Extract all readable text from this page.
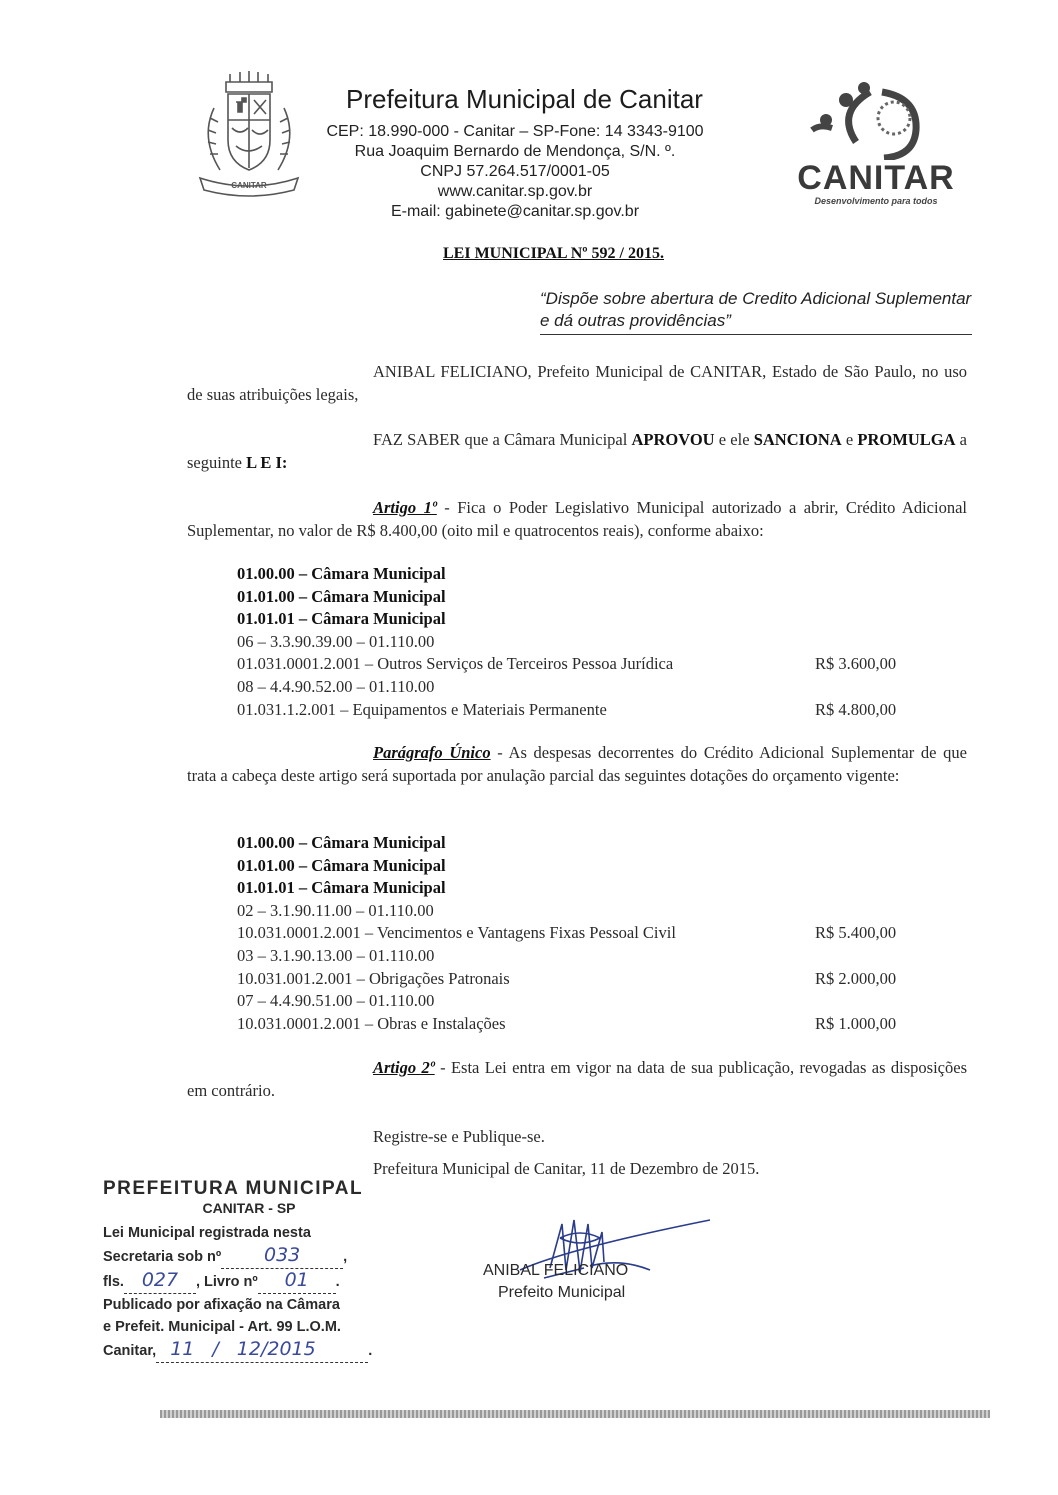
CANITAR
Prefeitura Municipal de Canitar
CEP: 18.990-000 - Canitar – SP-Fone: 14 3343-9100
Rua Joaquim Bernardo de Mendonça, S/N. º.
CNPJ 57.264.517/0001-05
www.canitar.sp.gov.br
E-mail: gabinete@canitar.sp.gov.br
CANITAR
Desenvolvimento para todos
LEI MUNICIPAL Nº 592 / 2015.
“Dispõe sobre abertura de Credito Adicional Suplementar e dá outras providências”
ANIBAL FELICIANO, Prefeito Municipal de CANITAR, Estado de São Paulo, no uso de suas atribuições legais,
FAZ SABER que a Câmara Municipal APROVOU e ele SANCIONA e PROMULGA a seguinte L E I:
Artigo 1º - Fica o Poder Legislativo Municipal autorizado a abrir, Crédito Adicional Suplementar, no valor de R$ 8.400,00 (oito mil e quatrocentos reais), conforme abaixo:
01.00.00 – Câmara Municipal
01.01.00 – Câmara Municipal
01.01.01 – Câmara Municipal
06 – 3.3.90.39.00 – 01.110.00
01.031.0001.2.001 – Outros Serviços de Terceiros Pessoa Jurídica	R$ 3.600,00
08 – 4.4.90.52.00 – 01.110.00
01.031.1.2.001 – Equipamentos e Materiais Permanente	R$ 4.800,00
Parágrafo Único - As despesas decorrentes do Crédito Adicional Suplementar de que trata a cabeça deste artigo será suportada por anulação parcial das seguintes dotações do orçamento vigente:
01.00.00 – Câmara Municipal
01.01.00 – Câmara Municipal
01.01.01 – Câmara Municipal
02 – 3.1.90.11.00 – 01.110.00
10.031.0001.2.001 – Vencimentos e Vantagens Fixas Pessoal Civil	R$ 5.400,00
03 – 3.1.90.13.00 – 01.110.00
10.031.001.2.001 – Obrigações Patronais	R$ 2.000,00
07 – 4.4.90.51.00 – 01.110.00
10.031.0001.2.001 – Obras e Instalações	R$ 1.000,00
Artigo 2º - Esta Lei entra em vigor na data de sua publicação, revogadas as disposições em contrário.
Registre-se e Publique-se.
Prefeitura Municipal de Canitar, 11 de Dezembro de 2015.
PREFEITURA MUNICIPAL
CANITAR - SP
Lei Municipal registrada nesta
Secretaria sob nº 033	,
fls. 027 , Livro nº 01 .
Publicado por afixação na Câmara
e Prefeit. Municipal - Art. 99 L.O.M.
Canitar, 11 / 12/2015	.
ANIBAL FELICIANO
Prefeito Municipal
